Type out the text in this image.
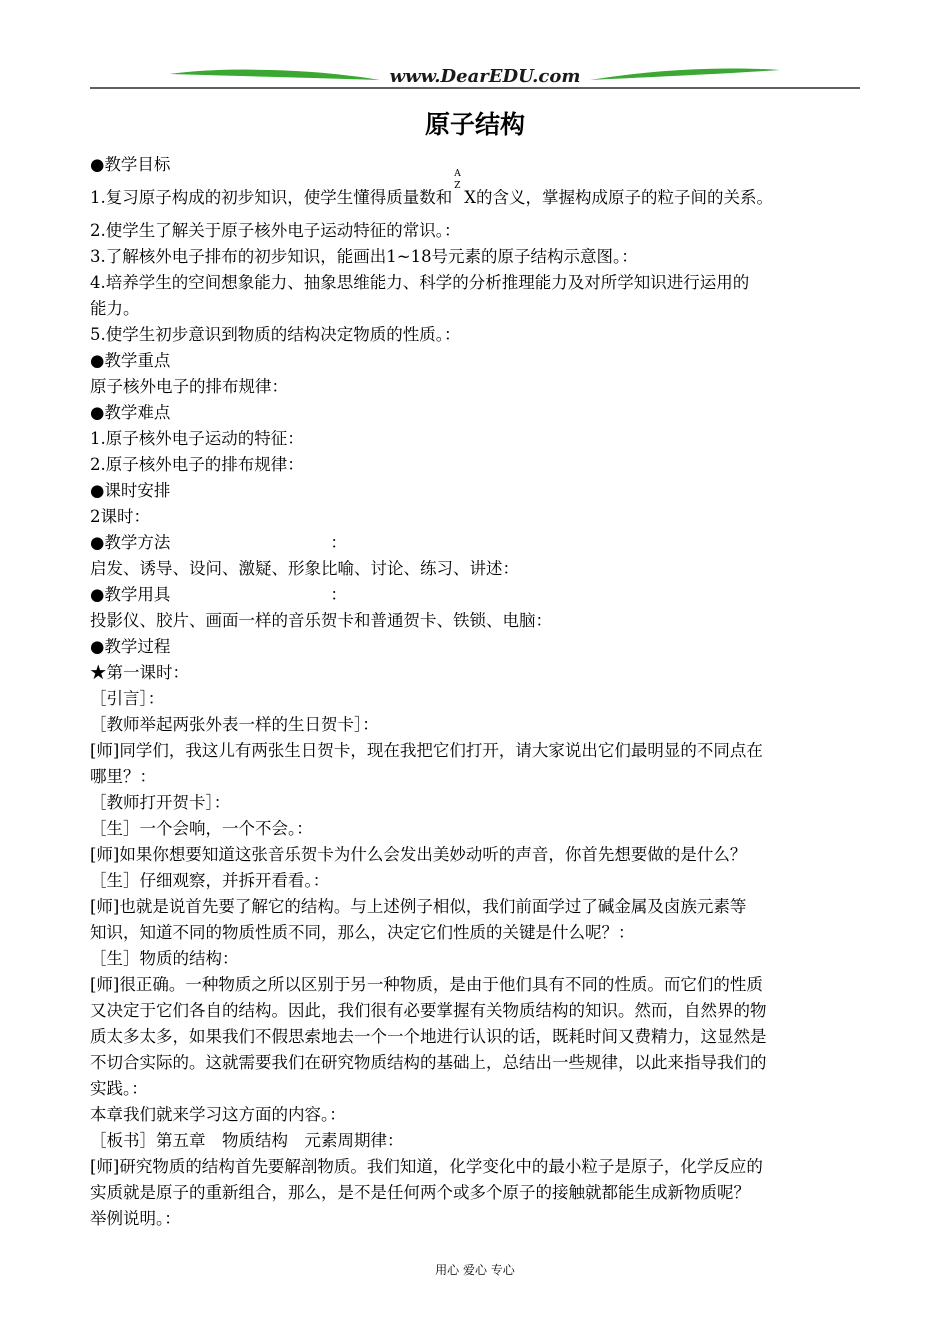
www.DearEDU.com
原子结构
●教学目标
1.复习原子构成的初步知识，使学生懂得质量数和
A
Z
X的含义，掌握构成原子的粒子间的关系。
2.使学生了解关于原子核外电子运动特征的常识。：
3.了解核外电子排布的初步知识，能画出1~18号元素的原子结构示意图。：
4.培养学生的空间想象能力、抽象思维能力、科学的分析推理能力及对所学知识进行运用的
能力。
5.使学生初步意识到物质的结构决定物质的性质。：
●教学重点
原子核外电子的排布规律：
●教学难点
1.原子核外电子运动的特征：
2.原子核外电子的排布规律：
●课时安排
2课时：
●教学方法	：
启发、诱导、设问、激疑、形象比喻、讨论、练习、讲述：
●教学用具	：
投影仪、胶片、画面一样的音乐贺卡和普通贺卡、铁锁、电脑：
●教学过程
★第一课时：
［引言］：
［教师举起两张外表一样的生日贺卡］：
[师]同学们，我这儿有两张生日贺卡，现在我把它们打开，请大家说出它们最明显的不同点在
哪里？：
［教师打开贺卡］：
［生］一个会响，一个不会。：
[师]如果你想要知道这张音乐贺卡为什么会发出美妙动听的声音，你首先想要做的是什么？
［生］仔细观察，并拆开看看。：
[师]也就是说首先要了解它的结构。与上述例子相似，我们前面学过了碱金属及卤族元素等
知识，知道不同的物质性质不同，那么，决定它们性质的关键是什么呢？：
［生］物质的结构：
[师]很正确。一种物质之所以区别于另一种物质，是由于他们具有不同的性质。而它们的性质
又决定于它们各自的结构。因此，我们很有必要掌握有关物质结构的知识。然而，自然界的物
质太多太多，如果我们不假思索地去一个一个地进行认识的话，既耗时间又费精力，这显然是
不切合实际的。这就需要我们在研究物质结构的基础上，总结出一些规律，以此来指导我们的
实践。：
本章我们就来学习这方面的内容。：
［板书］第五章　物质结构　元素周期律：
[师]研究物质的结构首先要解剖物质。我们知道，化学变化中的最小粒子是原子，化学反应的
实质就是原子的重新组合，那么，是不是任何两个或多个原子的接触就都能生成新物质呢？
举例说明。：
用心 爱心 专心
